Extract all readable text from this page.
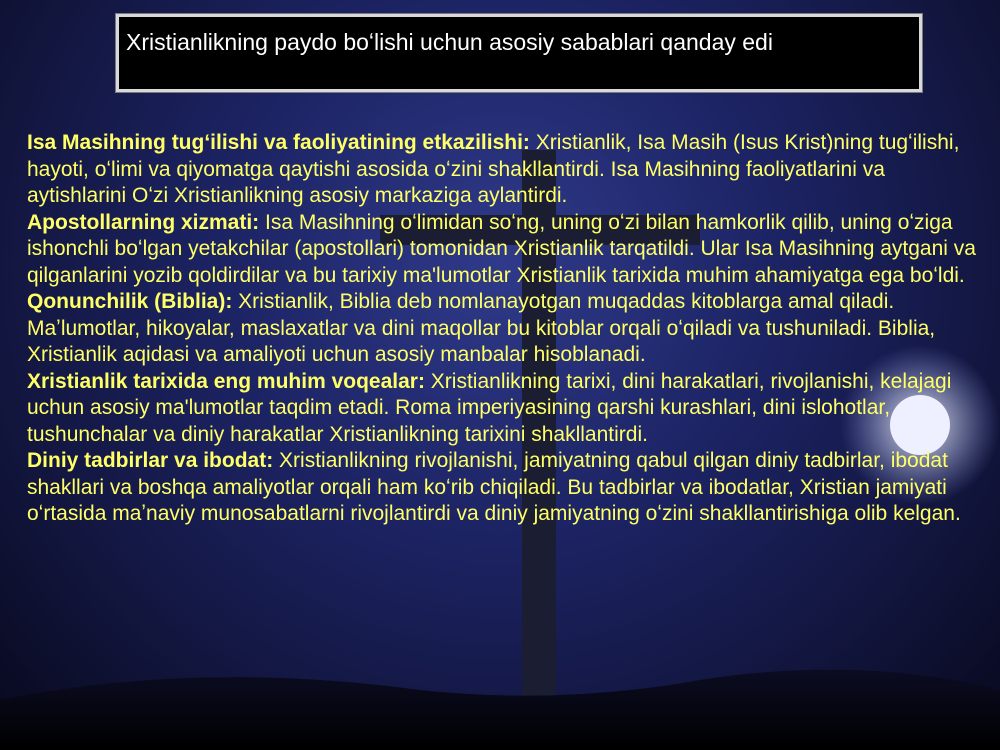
Xristianlikning paydo boʻlishi uchun asosiy sabablari qanday edi

Isa Masihning tugʻilishi va faoliyatining etkazilishi: Xristianlik, Isa Masih (Isus Krist)ning tugʻilishi, hayoti, oʻlimi va qiyomatga qaytishi asosida oʻzini shakllantirdi. Isa Masihning faoliyatlarini va aytishlarini Oʻzi Xristianlikning asosiy markaziga aylantirdi.

Apostollarning xizmati: Isa Masihning oʻlimidan soʻng, uning oʻzi bilan hamkorlik qilib, uning oʻziga ishonchli boʻlgan yetakchilar (apostollari) tomonidan Xristianlik tarqatildi. Ular Isa Masihning aytgani va qilganlarini yozib qoldirdilar va bu tarixiy ma'lumotlar Xristianlik tarixida muhim ahamiyatga ega boʻldi.

Qonunchilik (Biblia): Xristianlik, Biblia deb nomlanayotgan muqaddas kitoblarga amal qiladi. Maʼlumotlar, hikoyalar, maslaxatlar va dini maqollar bu kitoblar orqali oʻqiladi va tushuniladi. Biblia, Xristianlik aqidasi va amaliyoti uchun asosiy manbalar hisoblanadi.

Xristianlik tarixida eng muhim voqealar: Xristianlikning tarixi, dini harakatlari, rivojlanishi, kelajagi uchun asosiy ma'lumotlar taqdim etadi. Roma imperiyasining qarshi kurashlari, dini islohotlar, tushunchalar va diniy harakatlar Xristianlikning tarixini shakllantirdi.

Diniy tadbirlar va ibodat: Xristianlikning rivojlanishi, jamiyatning qabul qilgan diniy tadbirlar, ibodat shakllari va boshqa amaliyotlar orqali ham koʻrib chiqiladi. Bu tadbirlar va ibodatlar, Xristian jamiyati oʻrtasida maʼnaviy munosabatlarni rivojlantirdi va diniy jamiyatning oʻzini shakllantirishiga olib kelgan.
